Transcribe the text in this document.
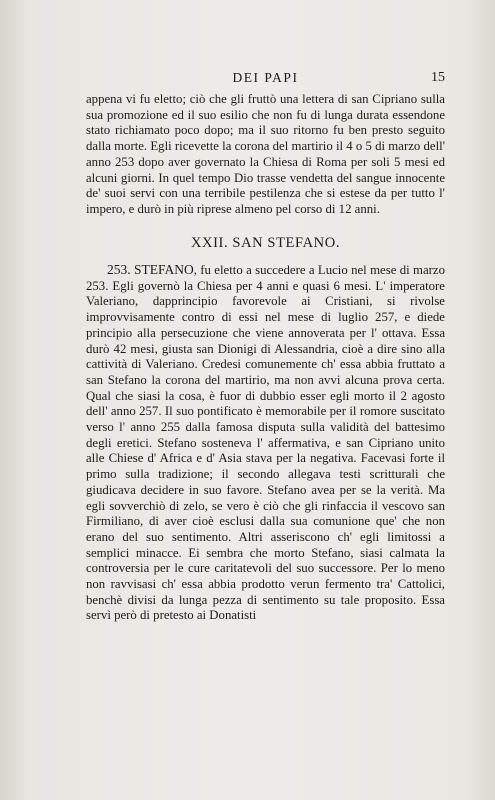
DEI PAPI	15

appena vi fu eletto; ciò che gli fruttò una lettera di san Cipriano sulla sua promozione ed il suo esilio che non fu di lunga durata essendone stato richiamato poco dopo; ma il suo ritorno fu ben presto seguito dalla morte. Egli ricevette la corona del martirio il 4 o 5 di marzo dell' anno 253 dopo aver governato la Chiesa di Roma per soli 5 mesi ed alcuni giorni. In quel tempo Dio trasse vendetta del sangue innocente de' suoi servi con una terribile pestilenza che si estese da per tutto l' impero, e durò in più riprese almeno pel corso di 12 anni.

XXII. SAN STEFANO.

253. STEFANO, fu eletto a succedere a Lucio nel mese di marzo 253. Egli governò la Chiesa per 4 anni e quasi 6 mesi. L' imperatore Valeriano, dapprincipio favorevole ai Cristiani, si rivolse improvvisamente contro di essi nel mese di luglio 257, e diede principio alla persecuzione che viene annoverata per l' ottava. Essa durò 42 mesi, giusta san Dionigi di Alessandria, cioè a dire sino alla cattività di Valeriano. Credesi comunemente ch' essa abbia fruttato a san Stefano la corona del martirio, ma non avvi alcuna prova certa. Qual che siasi la cosa, è fuor di dubbio esser egli morto il 2 agosto dell' anno 257. Il suo pontificato è memorabile per il romore suscitato verso l' anno 255 dalla famosa disputa sulla validità del battesimo degli eretici. Stefano sosteneva l' affermativa, e san Cipriano unito alle Chiese d' Africa e d' Asia stava per la negativa. Facevasi forte il primo sulla tradizione; il secondo allegava testi scritturali che giudicava decidere in suo favore. Stefano avea per se la verità. Ma egli sovverchiò di zelo, se vero è ciò che gli rinfaccia il vescovo san Firmiliano, di aver cioè esclusi dalla sua comunione que' che non erano del suo sentimento. Altri asseriscono ch' egli limitossi a semplici minacce. Ei sembra che morto Stefano, siasi calmata la controversia per le cure caritatevoli del suo successore. Per lo meno non ravvisasi ch' essa abbia prodotto verun fermento tra' Cattolici, benchè divisi da lunga pezza di sentimento su tale proposito. Essa servì però di pretesto ai Donatisti
